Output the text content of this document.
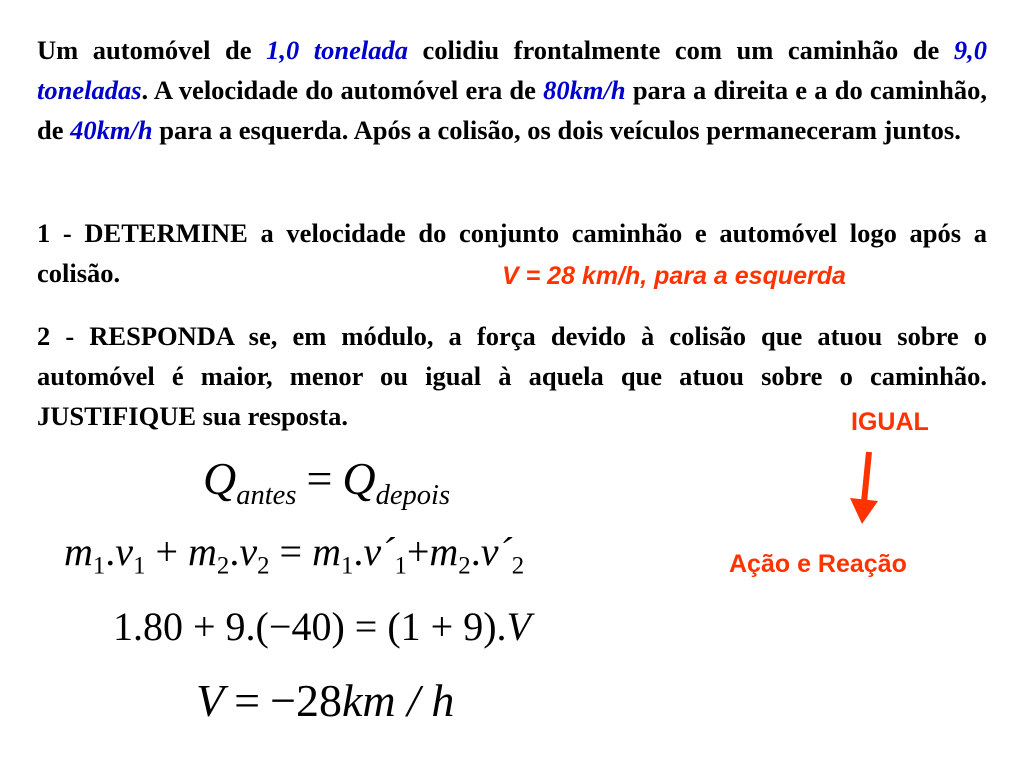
Um automóvel de 1,0 tonelada colidiu frontalmente com um caminhão de 9,0 toneladas. A velocidade do automóvel era de 80km/h para a direita e a do caminhão, de 40km/h para a esquerda. Após a colisão, os dois veículos permaneceram juntos.

1 - DETERMINE a velocidade do conjunto caminhão e automóvel logo após a colisão.	V = 28 km/h, para a esquerda

2 - RESPONDA se, em módulo, a força devido à colisão que atuou sobre o automóvel é maior, menor ou igual à aquela que atuou sobre o caminhão. JUSTIFIQUE sua resposta.	IGUAL
Ação e Reação
$Q_{antes} = Q_{depois}$
$m_1.v_1 + m_2.v_2$ = $m_1.v´_1+m_2.v´_2$
1.80 + 9.(−40) = (1 + 9).V
V = −28km / h
